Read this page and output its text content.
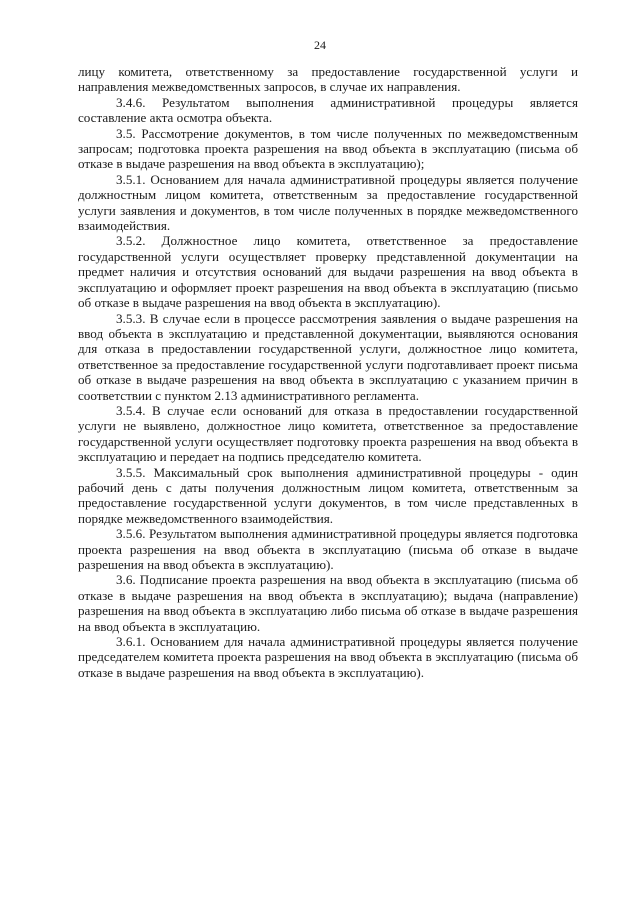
24

лицу комитета, ответственному за предоставление государственной услуги и направления межведомственных запросов, в случае их направления.

3.4.6. Результатом выполнения административной процедуры является составление акта осмотра объекта.

3.5. Рассмотрение документов, в том числе полученных по межведомственным запросам; подготовка проекта разрешения на ввод объекта в эксплуатацию (письма об отказе в выдаче разрешения на ввод объекта в эксплуатацию);

3.5.1. Основанием для начала административной процедуры является получение должностным лицом комитета, ответственным за предоставление государственной услуги заявления и документов, в том числе полученных в порядке межведомственного взаимодействия.

3.5.2. Должностное лицо комитета, ответственное за предоставление государственной услуги осуществляет проверку представленной документации на предмет наличия и отсутствия оснований для выдачи разрешения на ввод объекта в эксплуатацию и оформляет проект разрешения на ввод объекта в эксплуатацию (письмо об отказе в выдаче разрешения на ввод объекта в эксплуатацию).

3.5.3. В случае если в процессе рассмотрения заявления о выдаче разрешения на ввод объекта в эксплуатацию и представленной документации, выявляются основания для отказа в предоставлении государственной услуги, должностное лицо комитета, ответственное за предоставление государственной услуги подготавливает проект письма об отказе в выдаче разрешения на ввод объекта в эксплуатацию с указанием причин в соответствии с пунктом 2.13 административного регламента.

3.5.4. В случае если оснований для отказа в предоставлении государственной услуги не выявлено, должностное лицо комитета, ответственное за предоставление государственной услуги осуществляет подготовку проекта разрешения на ввод объекта в эксплуатацию и передает на подпись председателю комитета.

3.5.5. Максимальный срок выполнения административной процедуры - один рабочий день с даты получения должностным лицом комитета, ответственным за предоставление государственной услуги документов, в том числе представленных в порядке межведомственного взаимодействия.

3.5.6. Результатом выполнения административной процедуры является подготовка проекта разрешения на ввод объекта в эксплуатацию (письма об отказе в выдаче разрешения на ввод объекта в эксплуатацию).

3.6. Подписание проекта разрешения на ввод объекта в эксплуатацию (письма об отказе в выдаче разрешения на ввод объекта в эксплуатацию); выдача (направление) разрешения на ввод объекта в эксплуатацию либо письма об отказе в выдаче разрешения на ввод объекта в эксплуатацию.

3.6.1. Основанием для начала административной процедуры является получение председателем комитета проекта разрешения на ввод объекта в эксплуатацию (письма об отказе в выдаче разрешения на ввод объекта в эксплуатацию).
